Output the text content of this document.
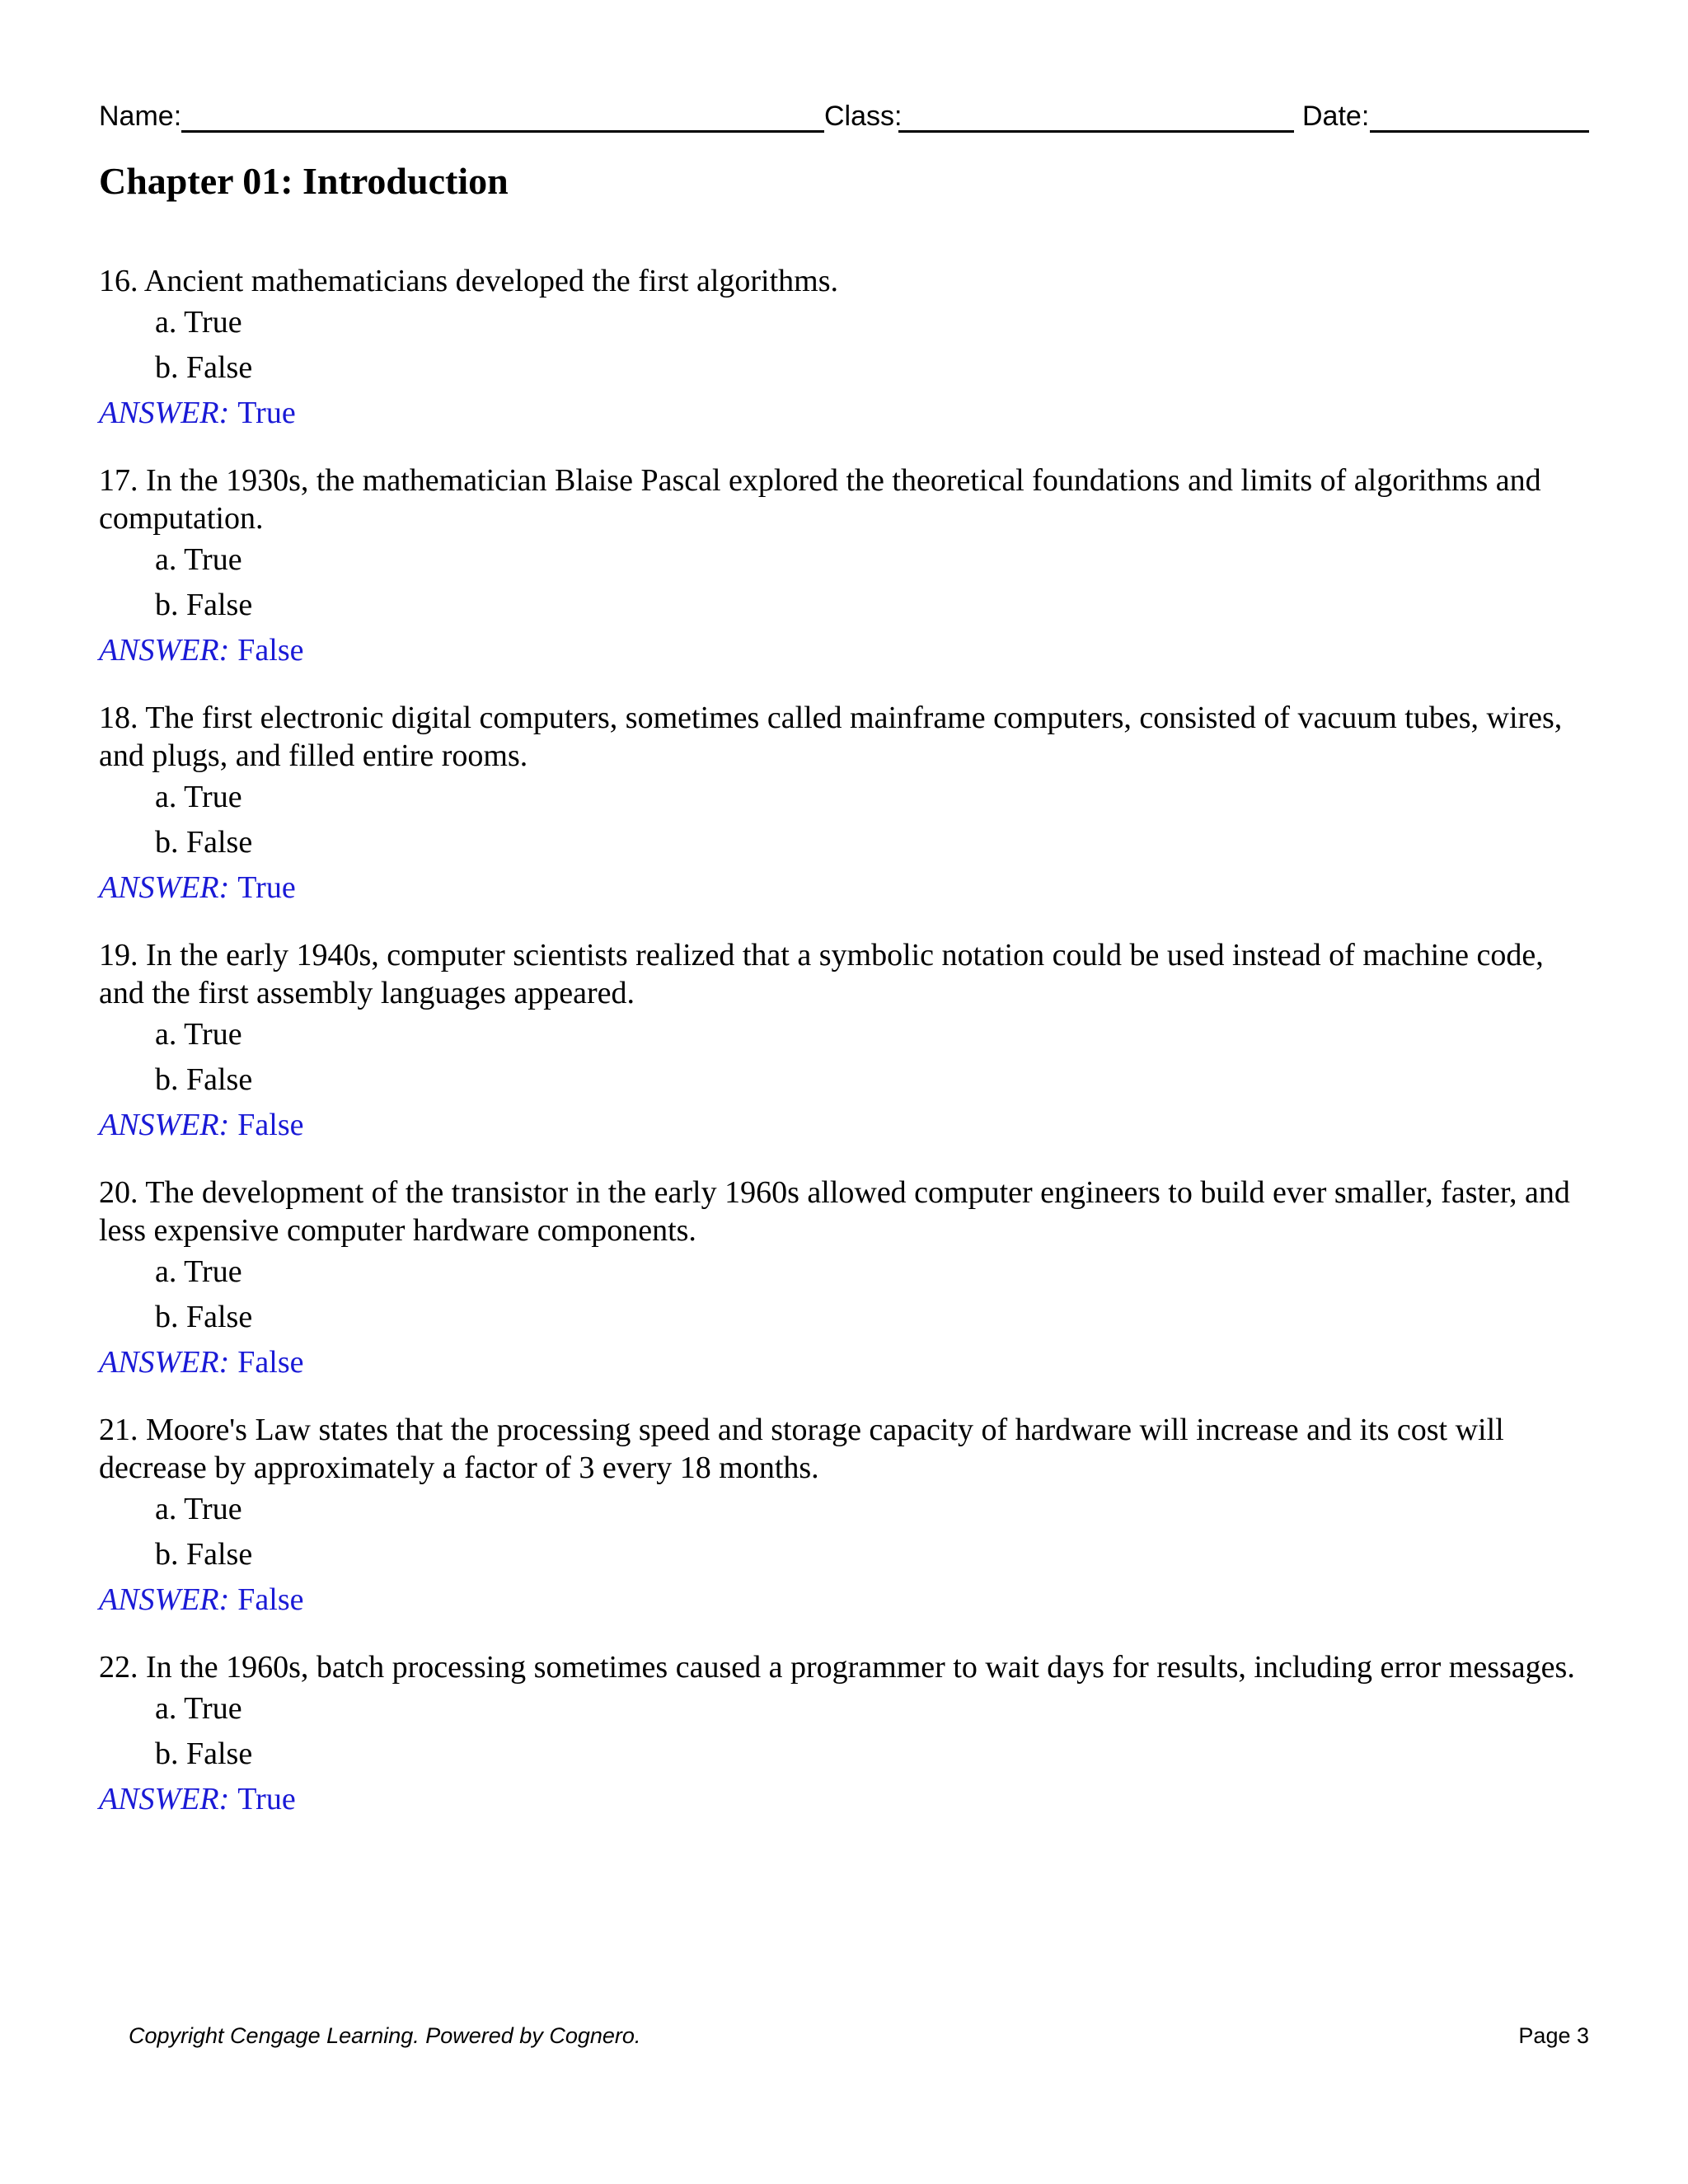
Name:	Class:	Date:
Chapter 01: Introduction

16. Ancient mathematicians developed the first algorithms.

a. True
b. False
ANSWER: True

17. In the 1930s, the mathematician Blaise Pascal explored the theoretical foundations and limits of algorithms and computation.

a. True
b. False
ANSWER: False

18. The first electronic digital computers, sometimes called mainframe computers, consisted of vacuum tubes, wires, and plugs, and filled entire rooms.

a. True
b. False
ANSWER: True

19. In the early 1940s, computer scientists realized that a symbolic notation could be used instead of machine code, and the first assembly languages appeared.

a. True
b. False
ANSWER: False

20. The development of the transistor in the early 1960s allowed computer engineers to build ever smaller, faster, and less expensive computer hardware components.

a. True
b. False
ANSWER: False

21. Moore's Law states that the processing speed and storage capacity of hardware will increase and its cost will decrease by approximately a factor of 3 every 18 months.

a. True
b. False
ANSWER: False

22. In the 1960s, batch processing sometimes caused a programmer to wait days for results, including error messages.

a. True
b. False
ANSWER: True
Copyright Cengage Learning. Powered by Cognero.	Page 3
